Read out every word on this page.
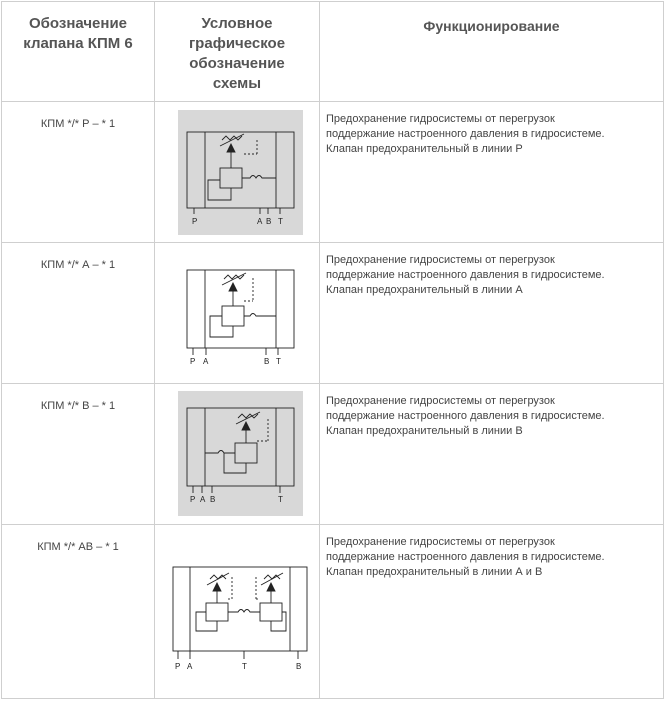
Обозначение
клапана КПМ 6	Условное
графическое
обозначение
схемы	Функционирование

КПМ */* Р – * 1	P A B T	Предохранение гидросистемы от перегрузок
поддержание настроенного давления в гидросистеме.
Клапан предохранительный в линии Р

КПМ */* А – * 1	P A B T	Предохранение гидросистемы от перегрузок
поддержание настроенного давления в гидросистеме.
Клапан предохранительный в линии А

КПМ */* В – * 1	P A B T	Предохранение гидросистемы от перегрузок
поддержание настроенного давления в гидросистеме.
Клапан предохранительный в линии В

КПМ */* АВ – * 1	P A T B	Предохранение гидросистемы от перегрузок
поддержание настроенного давления в гидросистеме.
Клапан предохранительный в линии А и В
